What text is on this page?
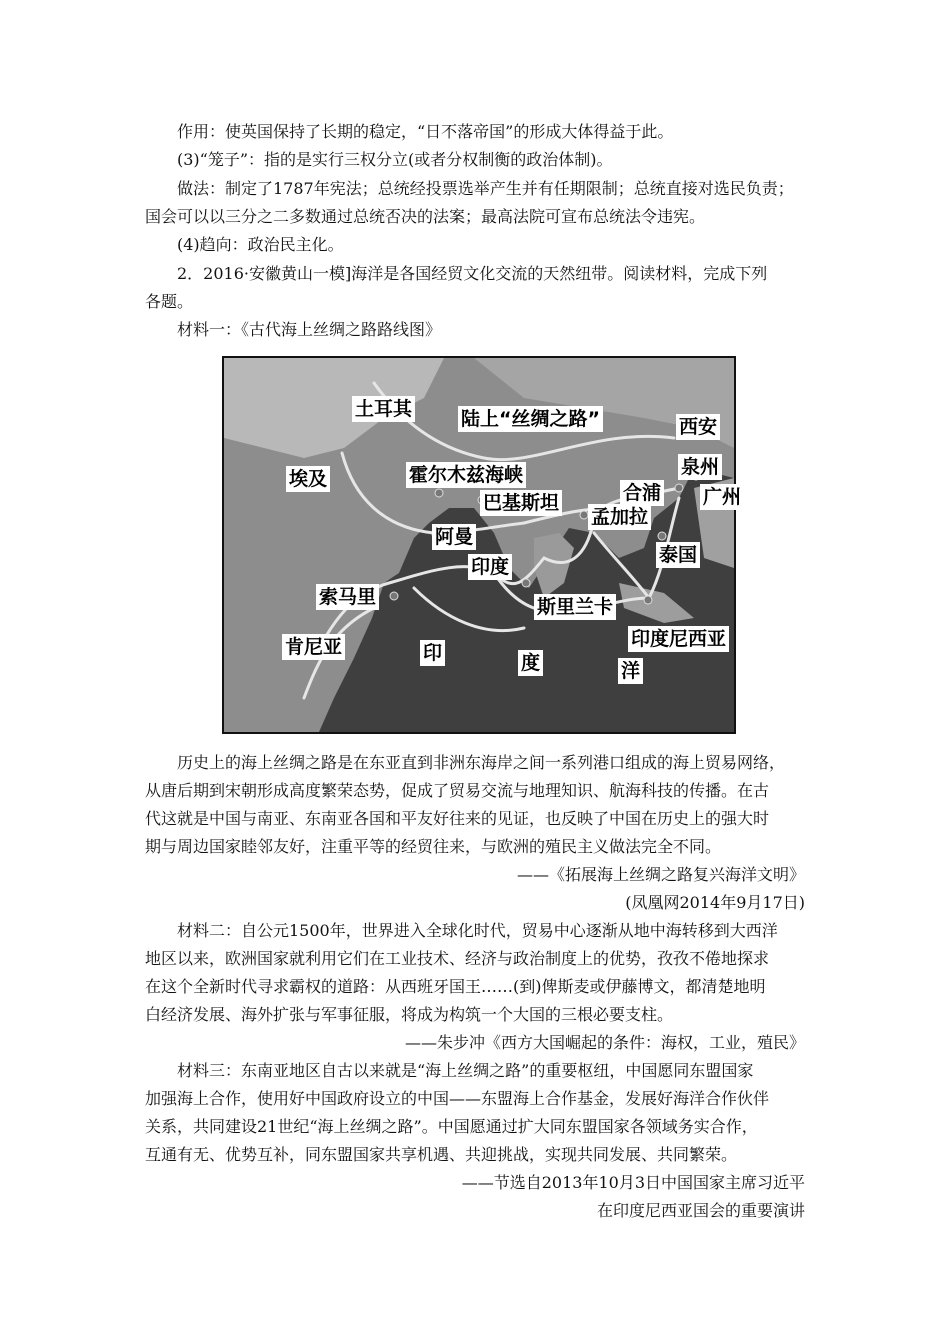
作用：使英国保持了长期的稳定，“日不落帝国”的形成大体得益于此。
(3)“笼子”：指的是实行三权分立(或者分权制衡的政治体制)。
做法：制定了1787年宪法；总统经投票选举产生并有任期限制；总统直接对选民负责；
国会可以以三分之二多数通过总统否决的法案；最高法院可宣布总统法令违宪。
(4)趋向：政治民主化。
2．2016·安徽黄山一模]海洋是各国经贸文化交流的天然纽带。阅读材料，完成下列
各题。
材料一：《古代海上丝绸之路路线图》
土耳其	陆上“丝绸之路”	西安
埃及	霍尔木兹海峡	泉州
合浦 广州
巴基斯坦
孟加拉
阿曼
印度
泰国
索马里	斯里兰卡
印度尼西亚
肯尼亚	印	度	洋
历史上的海上丝绸之路是在东亚直到非洲东海岸之间一系列港口组成的海上贸易网络，
从唐后期到宋朝形成高度繁荣态势，促成了贸易交流与地理知识、航海科技的传播。在古
代这就是中国与南亚、东南亚各国和平友好往来的见证，也反映了中国在历史上的强大时
期与周边国家睦邻友好，注重平等的经贸往来，与欧洲的殖民主义做法完全不同。
——《拓展海上丝绸之路复兴海洋文明》
(凤凰网2014年9月17日)
材料二：自公元1500年，世界进入全球化时代，贸易中心逐渐从地中海转移到大西洋
地区以来，欧洲国家就利用它们在工业技术、经济与政治制度上的优势，孜孜不倦地探求
在这个全新时代寻求霸权的道路：从西班牙国王……(到)俾斯麦或伊藤博文，都清楚地明
白经济发展、海外扩张与军事征服，将成为构筑一个大国的三根必要支柱。
——朱步冲《西方大国崛起的条件：海权，工业，殖民》
材料三：东南亚地区自古以来就是“海上丝绸之路”的重要枢纽，中国愿同东盟国家
加强海上合作，使用好中国政府设立的中国——东盟海上合作基金，发展好海洋合作伙伴
关系，共同建设21世纪“海上丝绸之路”。中国愿通过扩大同东盟国家各领域务实合作，
互通有无、优势互补，同东盟国家共享机遇、共迎挑战，实现共同发展、共同繁荣。
——节选自2013年10月3日中国国家主席习近平
在印度尼西亚国会的重要演讲
